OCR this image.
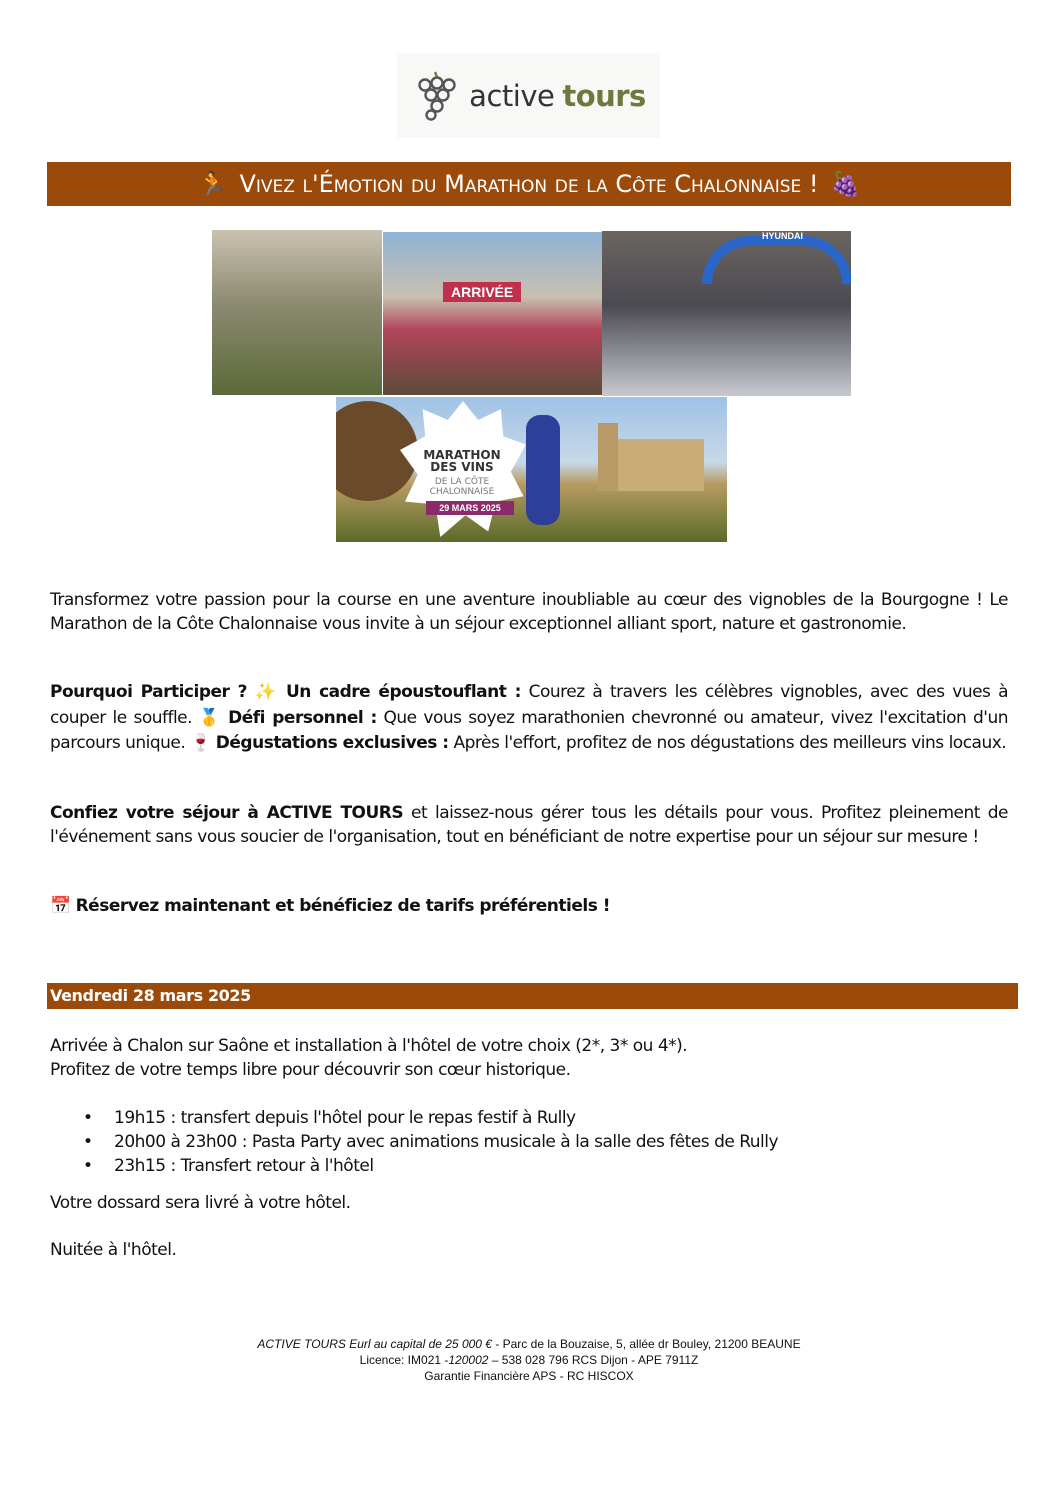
active tours
🏃 Vivez l'Émotion du Marathon de la Côte Chalonnaise ! 🍇
ARRIVÉE
HYUNDAI
MARATHON
DES VINS
DE LA CÔTE
CHALONNAISE
29 MARS 2025
Transformez votre passion pour la course en une aventure inoubliable au cœur des vignobles de la Bourgogne ! Le Marathon de la Côte Chalonnaise vous invite à un séjour exceptionnel alliant sport, nature et gastronomie.
Pourquoi Participer ? ✨ Un cadre époustouflant : Courez à travers les célèbres vignobles, avec des vues à couper le souffle. 🥇 Défi personnel : Que vous soyez marathonien chevronné ou amateur, vivez l'excitation d'un parcours unique. 🍷 Dégustations exclusives : Après l'effort, profitez de nos dégustations des meilleurs vins locaux.
Confiez votre séjour à ACTIVE TOURS et laissez-nous gérer tous les détails pour vous. Profitez pleinement de l'événement sans vous soucier de l'organisation, tout en bénéficiant de notre expertise pour un séjour sur mesure !
📅 Réservez maintenant et bénéficiez de tarifs préférentiels !
Vendredi 28 mars 2025
Arrivée à Chalon sur Saône et installation à l'hôtel de votre choix (2*, 3* ou 4*).
Profitez de votre temps libre pour découvrir son cœur historique.
• 19h15 : transfert depuis l'hôtel pour le repas festif à Rully
• 20h00 à 23h00 : Pasta Party avec animations musicale à la salle des fêtes de Rully
• 23h15 : Transfert retour à l'hôtel
Votre dossard sera livré à votre hôtel.
Nuitée à l'hôtel.
ACTIVE TOURS Eurl au capital de 25 000 € - Parc de la Bouzaise, 5, allée dr Bouley, 21200 BEAUNE
Licence: IM021 -120002 – 538 028 796 RCS Dijon - APE 7911Z
Garantie Financière APS - RC HISCOX
